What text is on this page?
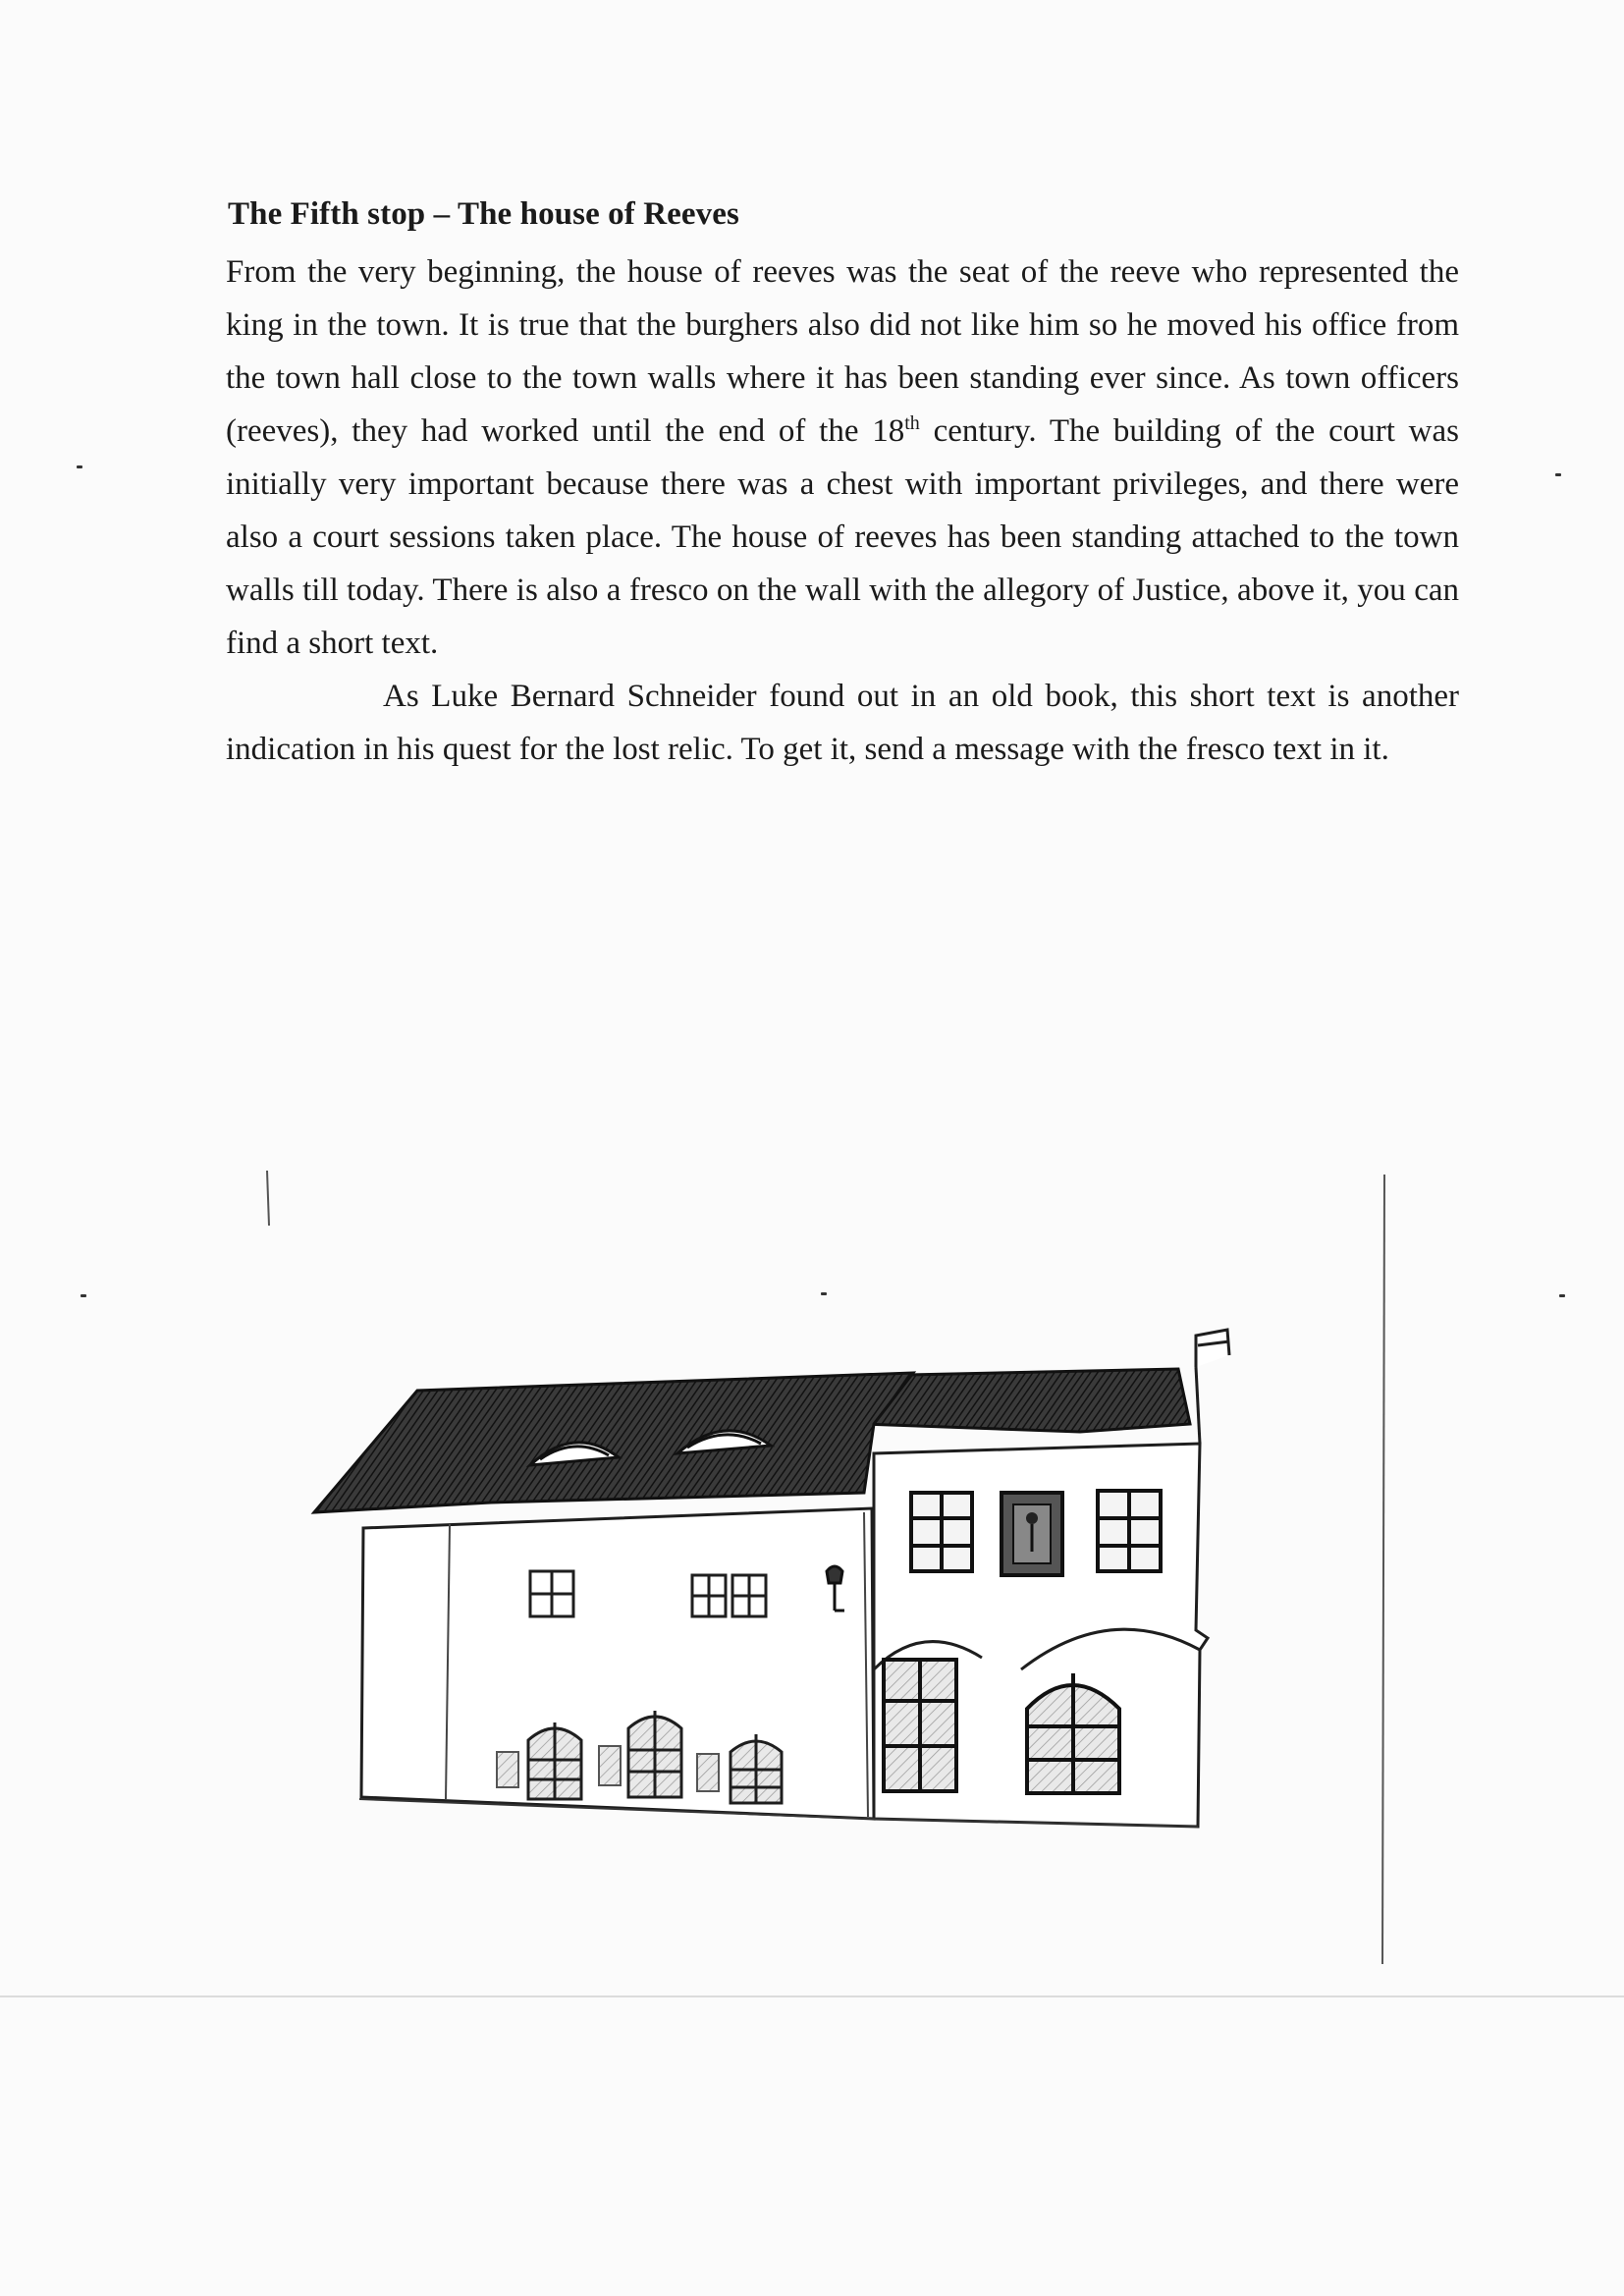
The Fifth stop – The house of Reeves

From the very beginning, the house of reeves was the seat of the reeve who represented the king in the town. It is true that the burghers also did not like him so he moved his office from the town hall close to the town walls where it has been standing ever since. As town officers (reeves), they had worked until the end of the 18th century. The building of the court was initially very important because there was a chest with important privileges, and there were also a court sessions taken place. The house of reeves has been standing attached to the town walls till today. There is also a fresco on the wall with the allegory of Justice, above it, you can find a short text.

As Luke Bernard Schneider found out in an old book, this short text is another indication in his quest for the lost relic. To get it, send a message with the fresco text in it.
